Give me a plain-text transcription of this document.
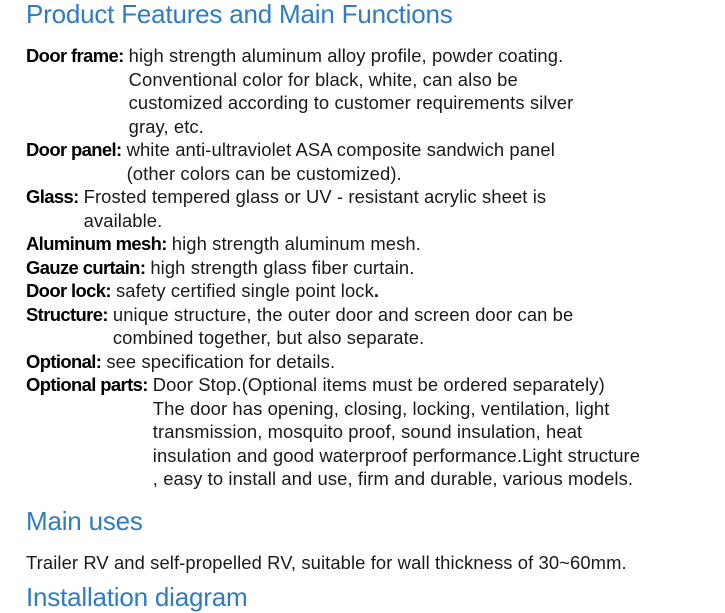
Product Features and Main Functions
Door frame: high strength aluminum alloy profile, powder coating.
Conventional color for black, white, can also be
customized according to customer requirements silver
gray, etc.
Door panel: white anti-ultraviolet ASA composite sandwich panel
(other colors can be customized).
Glass: Frosted tempered glass or UV - resistant acrylic sheet is
available.
Aluminum mesh: high strength aluminum mesh.
Gauze curtain: high strength glass fiber curtain.
Door lock: safety certified single point lock.
Structure: unique structure, the outer door and screen door can be
combined together, but also separate.
Optional: see specification for details.
Optional parts: Door Stop.(Optional items must be ordered separately)
The door has opening, closing, locking, ventilation, light
transmission, mosquito proof, sound insulation, heat
insulation and good waterproof performance.Light structure
, easy to install and use, firm and durable, various models.
Main uses

Trailer RV and self-propelled RV, suitable for wall thickness of 30~60mm.

Installation diagram
